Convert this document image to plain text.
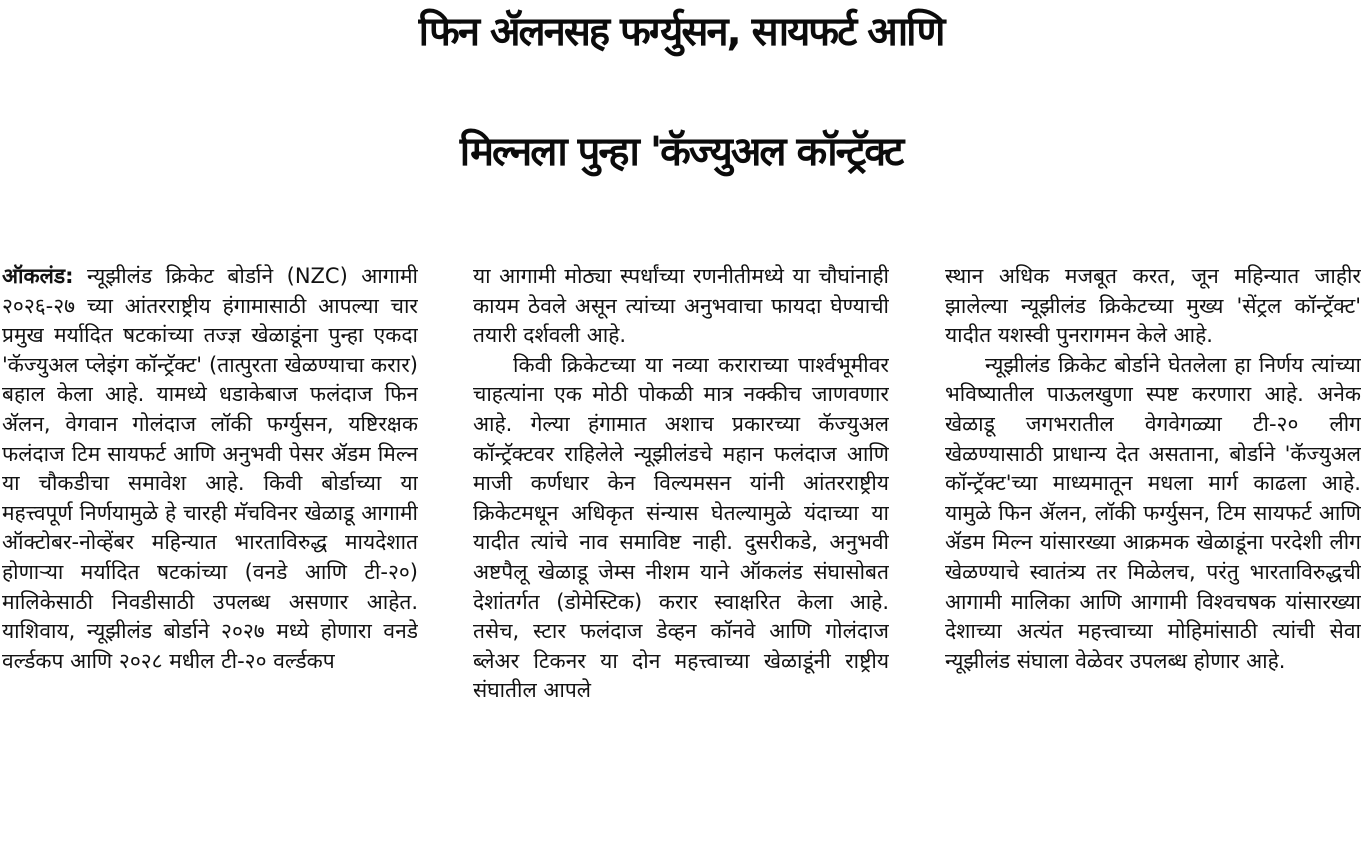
फिन ॲलनसह फर्ग्युसन, सायफर्ट आणि
मिल्नला पुन्हा 'कॅज्युअल कॉन्ट्रॅक्ट

ऑकलंड: न्यूझीलंड क्रिकेट बोर्डाने (NZC) आगामी २०२६-२७ च्या आंतरराष्ट्रीय हंगामासाठी आपल्या चार प्रमुख मर्यादित षटकांच्या तज्ज्ञ खेळाडूंना पुन्हा एकदा 'कॅज्युअल प्लेइंग कॉन्ट्रॅक्ट' (तात्पुरता खेळण्याचा करार) बहाल केला आहे. यामध्ये धडाकेबाज फलंदाज फिन ॲलन, वेगवान गोलंदाज लॉकी फर्ग्युसन, यष्टिरक्षक फलंदाज टिम सायफर्ट आणि अनुभवी पेसर ॲडम मिल्न या चौकडीचा समावेश आहे. किवी बोर्डाच्या या महत्त्वपूर्ण निर्णयामुळे हे चारही मॅचविनर खेळाडू आगामी ऑक्टोबर-नोव्हेंबर महिन्यात भारताविरुद्ध मायदेशात होणाऱ्या मर्यादित षटकांच्या (वनडे आणि टी-२०) मालिकेसाठी निवडीसाठी उपलब्ध असणार आहेत. याशिवाय, न्यूझीलंड बोर्डाने २०२७ मध्ये होणारा वनडे वर्ल्डकप आणि २०२८ मधील टी-२० वर्ल्डकप

या आगामी मोठ्या स्पर्धांच्या रणनीतीमध्ये या चौघांनाही कायम ठेवले असून त्यांच्या अनुभवाचा फायदा घेण्याची तयारी दर्शवली आहे.

किवी क्रिकेटच्या या नव्या कराराच्या पार्श्वभूमीवर चाहत्यांना एक मोठी पोकळी मात्र नक्कीच जाणवणार आहे. गेल्या हंगामात अशाच प्रकारच्या कॅज्युअल कॉन्ट्रॅक्टवर राहिलेले न्यूझीलंडचे महान फलंदाज आणि माजी कर्णधार केन विल्यमसन यांनी आंतरराष्ट्रीय क्रिकेटमधून अधिकृत संन्यास घेतल्यामुळे यंदाच्या या यादीत त्यांचे नाव समाविष्ट नाही. दुसरीकडे, अनुभवी अष्टपैलू खेळाडू जेम्स नीशम याने ऑकलंड संघासोबत देशांतर्गत (डोमेस्टिक) करार स्वाक्षरित केला आहे. तसेच, स्टार फलंदाज डेव्हन कॉनवे आणि गोलंदाज ब्लेअर टिकनर या दोन महत्त्वाच्या खेळाडूंनी राष्ट्रीय संघातील आपले

स्थान अधिक मजबूत करत, जून महिन्यात जाहीर झालेल्या न्यूझीलंड क्रिकेटच्या मुख्य 'सेंट्रल कॉन्ट्रॅक्ट' यादीत यशस्वी पुनरागमन केले आहे.

न्यूझीलंड क्रिकेट बोर्डाने घेतलेला हा निर्णय त्यांच्या भविष्यातील पाऊलखुणा स्पष्ट करणारा आहे. अनेक खेळाडू जगभरातील वेगवेगळ्या टी-२० लीग खेळण्यासाठी प्राधान्य देत असताना, बोर्डाने 'कॅज्युअल कॉन्ट्रॅक्ट'च्या माध्यमातून मधला मार्ग काढला आहे. यामुळे फिन ॲलन, लॉकी फर्ग्युसन, टिम सायफर्ट आणि ॲडम मिल्न यांसारख्या आक्रमक खेळाडूंना परदेशी लीग खेळण्याचे स्वातंत्र्य तर मिळेलच, परंतु भारताविरुद्धची आगामी मालिका आणि आगामी विश्वचषक यांसारख्या देशाच्या अत्यंत महत्त्वाच्या मोहिमांसाठी त्यांची सेवा न्यूझीलंड संघाला वेळेवर उपलब्ध होणार आहे.
